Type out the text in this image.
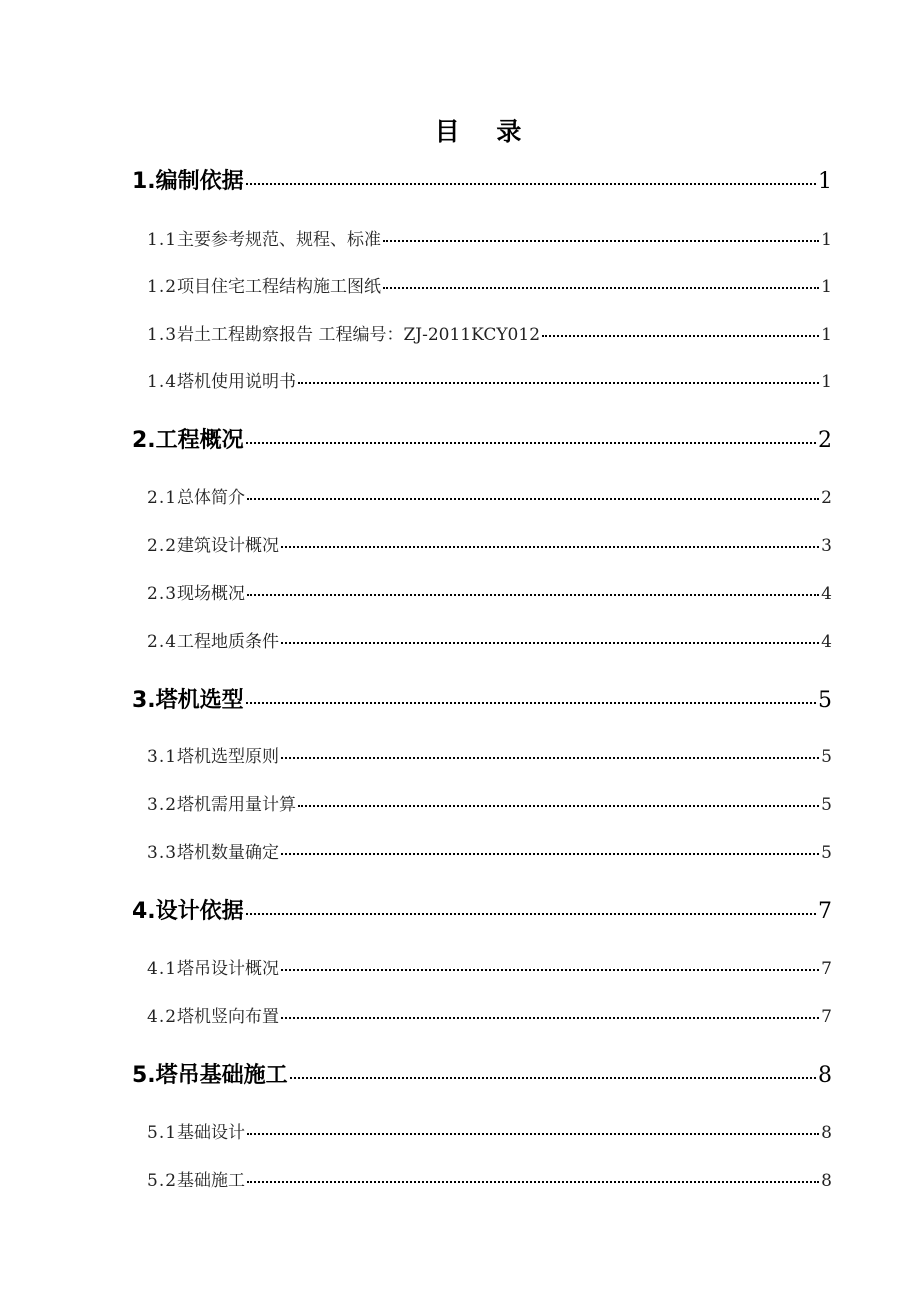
目 录
1. 编制依据	1
1.1 主要参考规范、规程、标准	1
1.2 项目住宅工程结构施工图纸	1
1.3 岩土工程勘察报告 工程编号：ZJ-2011KCY012	1
1.4 塔机使用说明书	1
2. 工程概况	2
2.1 总体简介	2
2.2 建筑设计概况	3
2.3 现场概况	4
2.4 工程地质条件	4
3. 塔机选型	5
3.1 塔机选型原则	5
3.2 塔机需用量计算	5
3.3 塔机数量确定	5
4. 设计依据	7
4.1 塔吊设计概况	7
4.2 塔机竖向布置	7
5. 塔吊基础施工	8
5.1 基础设计	8
5.2 基础施工	8
